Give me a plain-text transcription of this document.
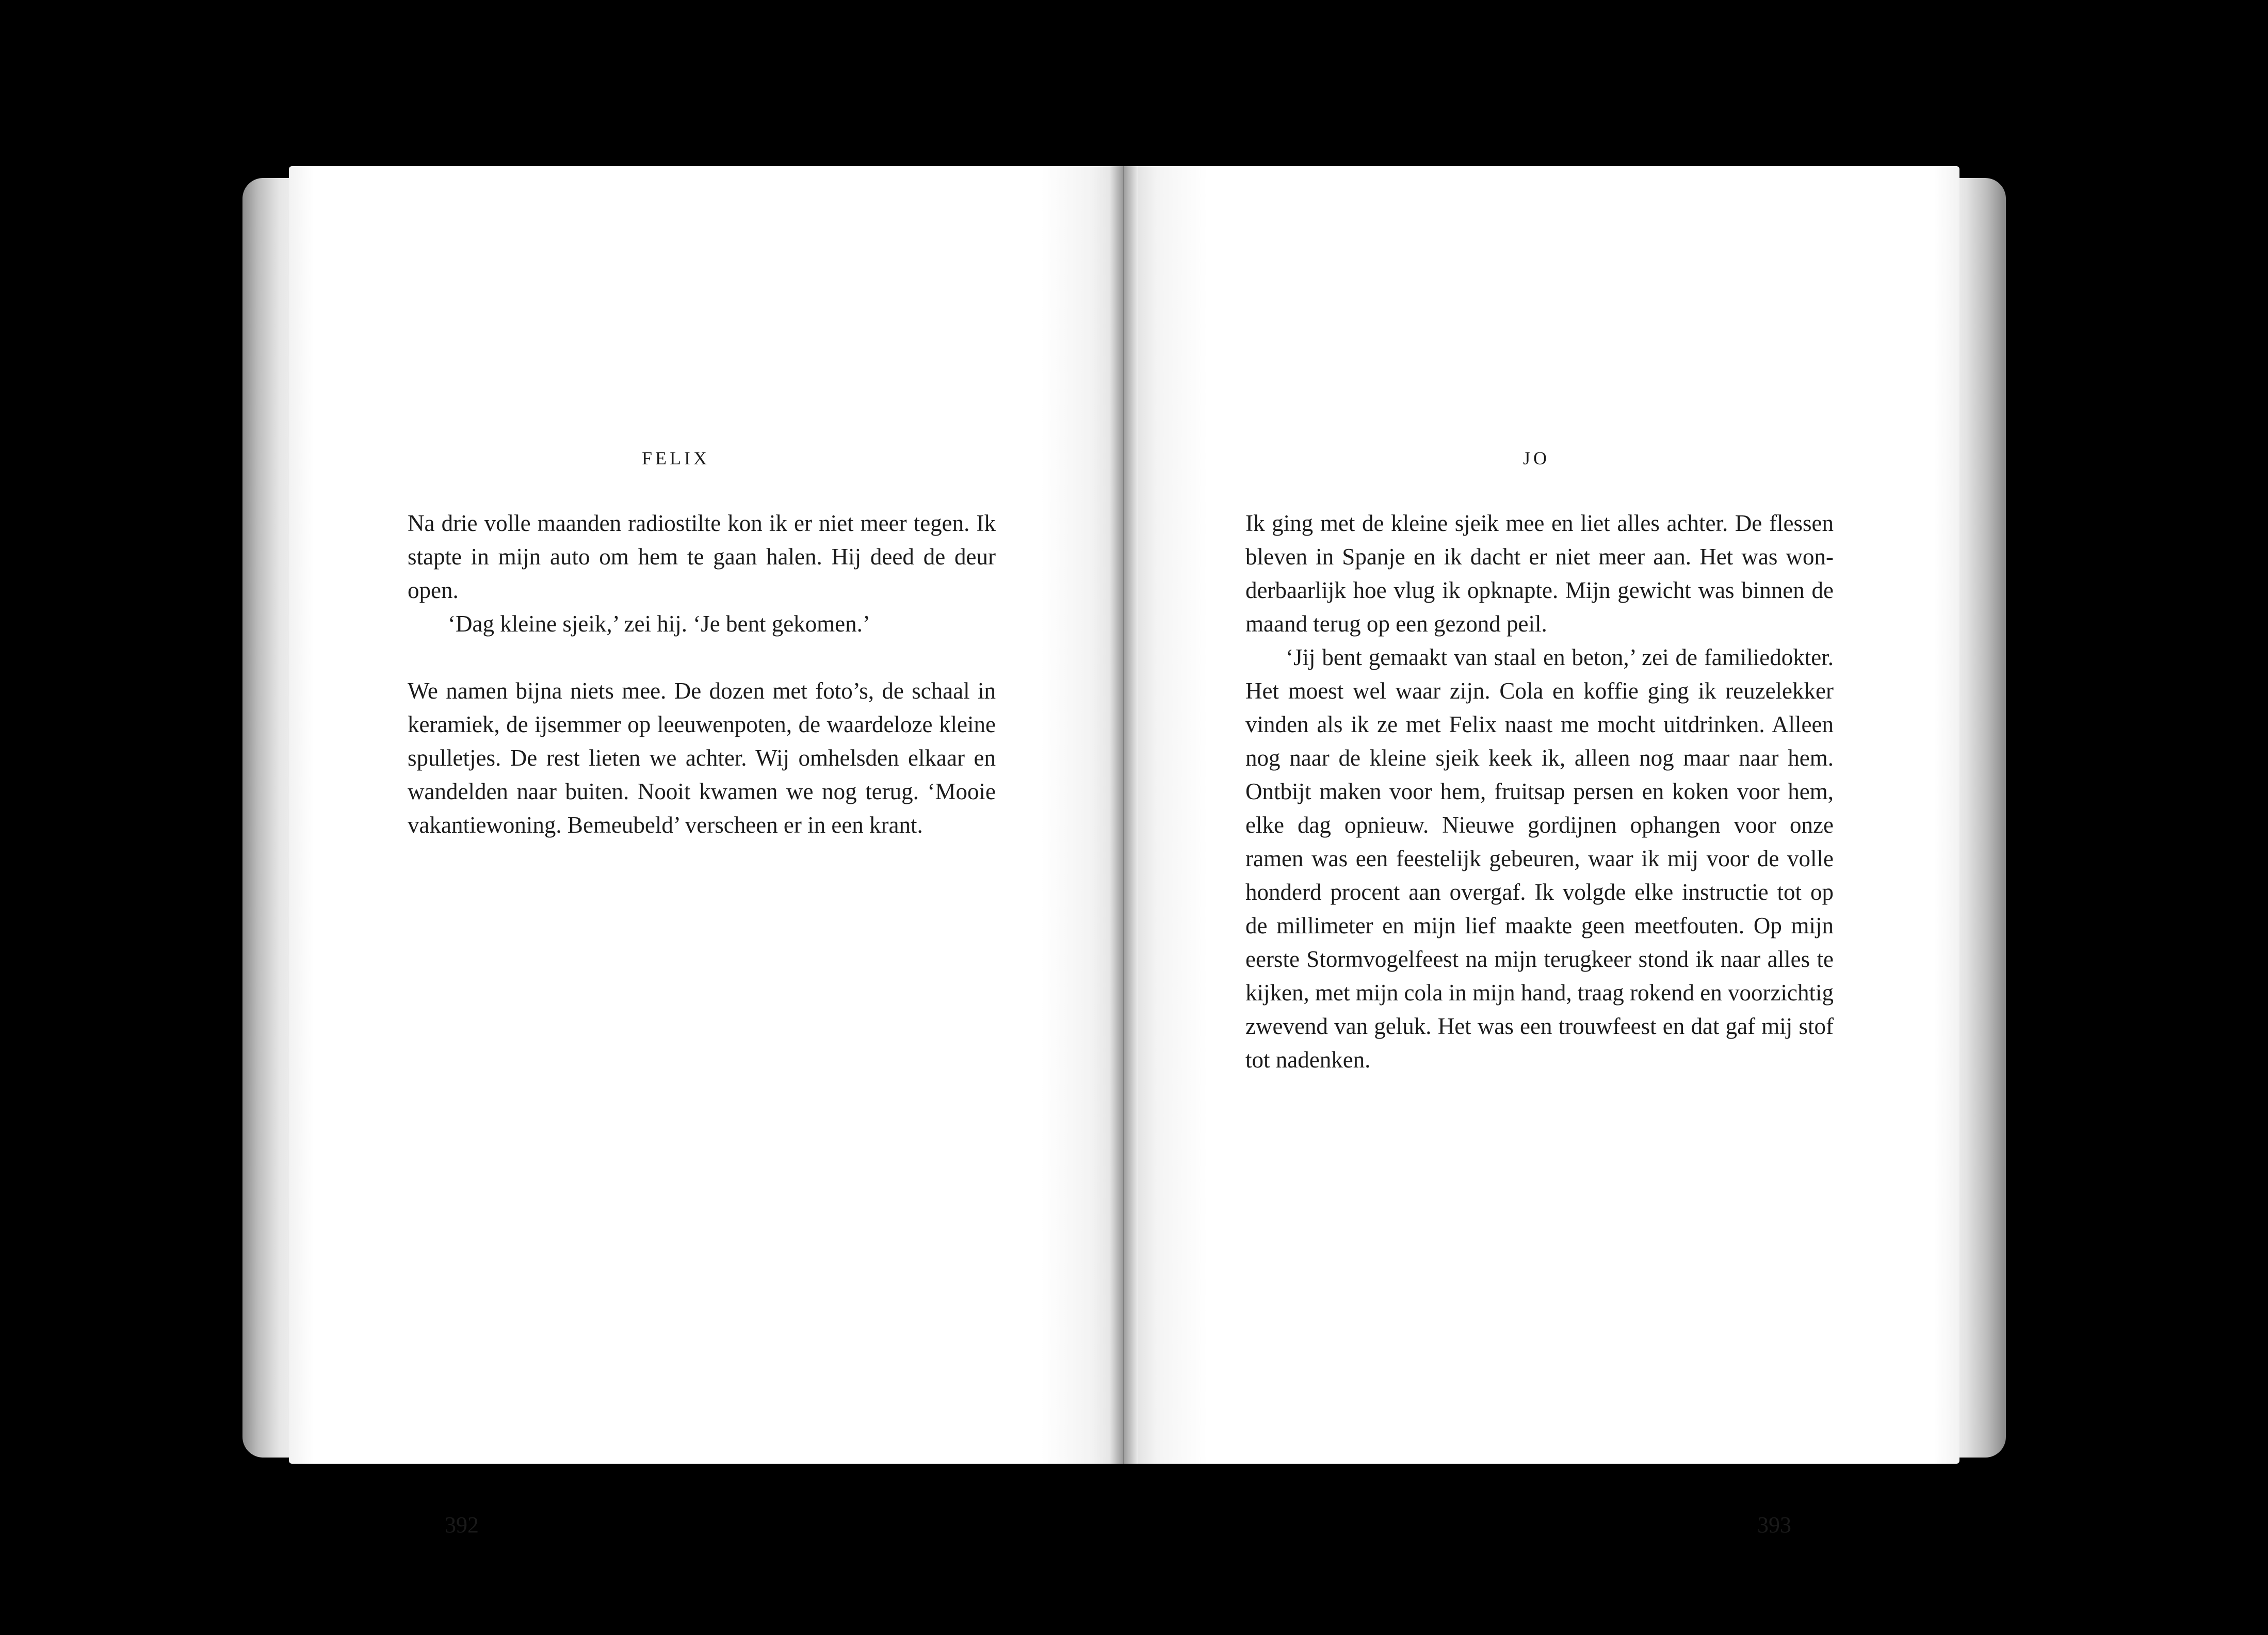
FELIX

Na drie volle maanden radiostilte kon ik er niet meer tegen. Ik stapte in mijn auto om hem te gaan halen. Hij deed de deur open.

‘Dag kleine sjeik,’ zei hij. ‘Je bent gekomen.’

We namen bijna niets mee. De dozen met foto’s, de schaal in keramiek, de ijsemmer op leeuwenpoten, de waardeloze kleine spulletjes. De rest lieten we achter. Wij omhelsden elkaar en wandelden naar buiten. Nooit kwamen we nog terug. ‘Mooie vakantiewoning. Bemeubeld’ verscheen er in een krant.

392
JO

Ik ging met de kleine sjeik mee en liet alles achter. De flessen bleven in Spanje en ik dacht er niet meer aan. Het was won-derbaarlijk hoe vlug ik opknapte. Mijn gewicht was binnen de maand terug op een gezond peil.

‘Jij bent gemaakt van staal en beton,’ zei de familiedokter. Het moest wel waar zijn. Cola en koffie ging ik reuzelekker vinden als ik ze met Felix naast me mocht uitdrinken. Alleen nog naar de kleine sjeik keek ik, alleen nog maar naar hem. Ontbijt maken voor hem, fruitsap persen en koken voor hem, elke dag opnieuw. Nieuwe gordijnen ophangen voor onze ramen was een feestelijk gebeuren, waar ik mij voor de volle honderd procent aan overgaf. Ik volgde elke instructie tot op de millimeter en mijn lief maakte geen meetfouten. Op mijn eerste Stormvogelfeest na mijn terugkeer stond ik naar alles te kijken, met mijn cola in mijn hand, traag rokend en voorzichtig zwevend van geluk. Het was een trouwfeest en dat gaf mij stof tot nadenken.

393
